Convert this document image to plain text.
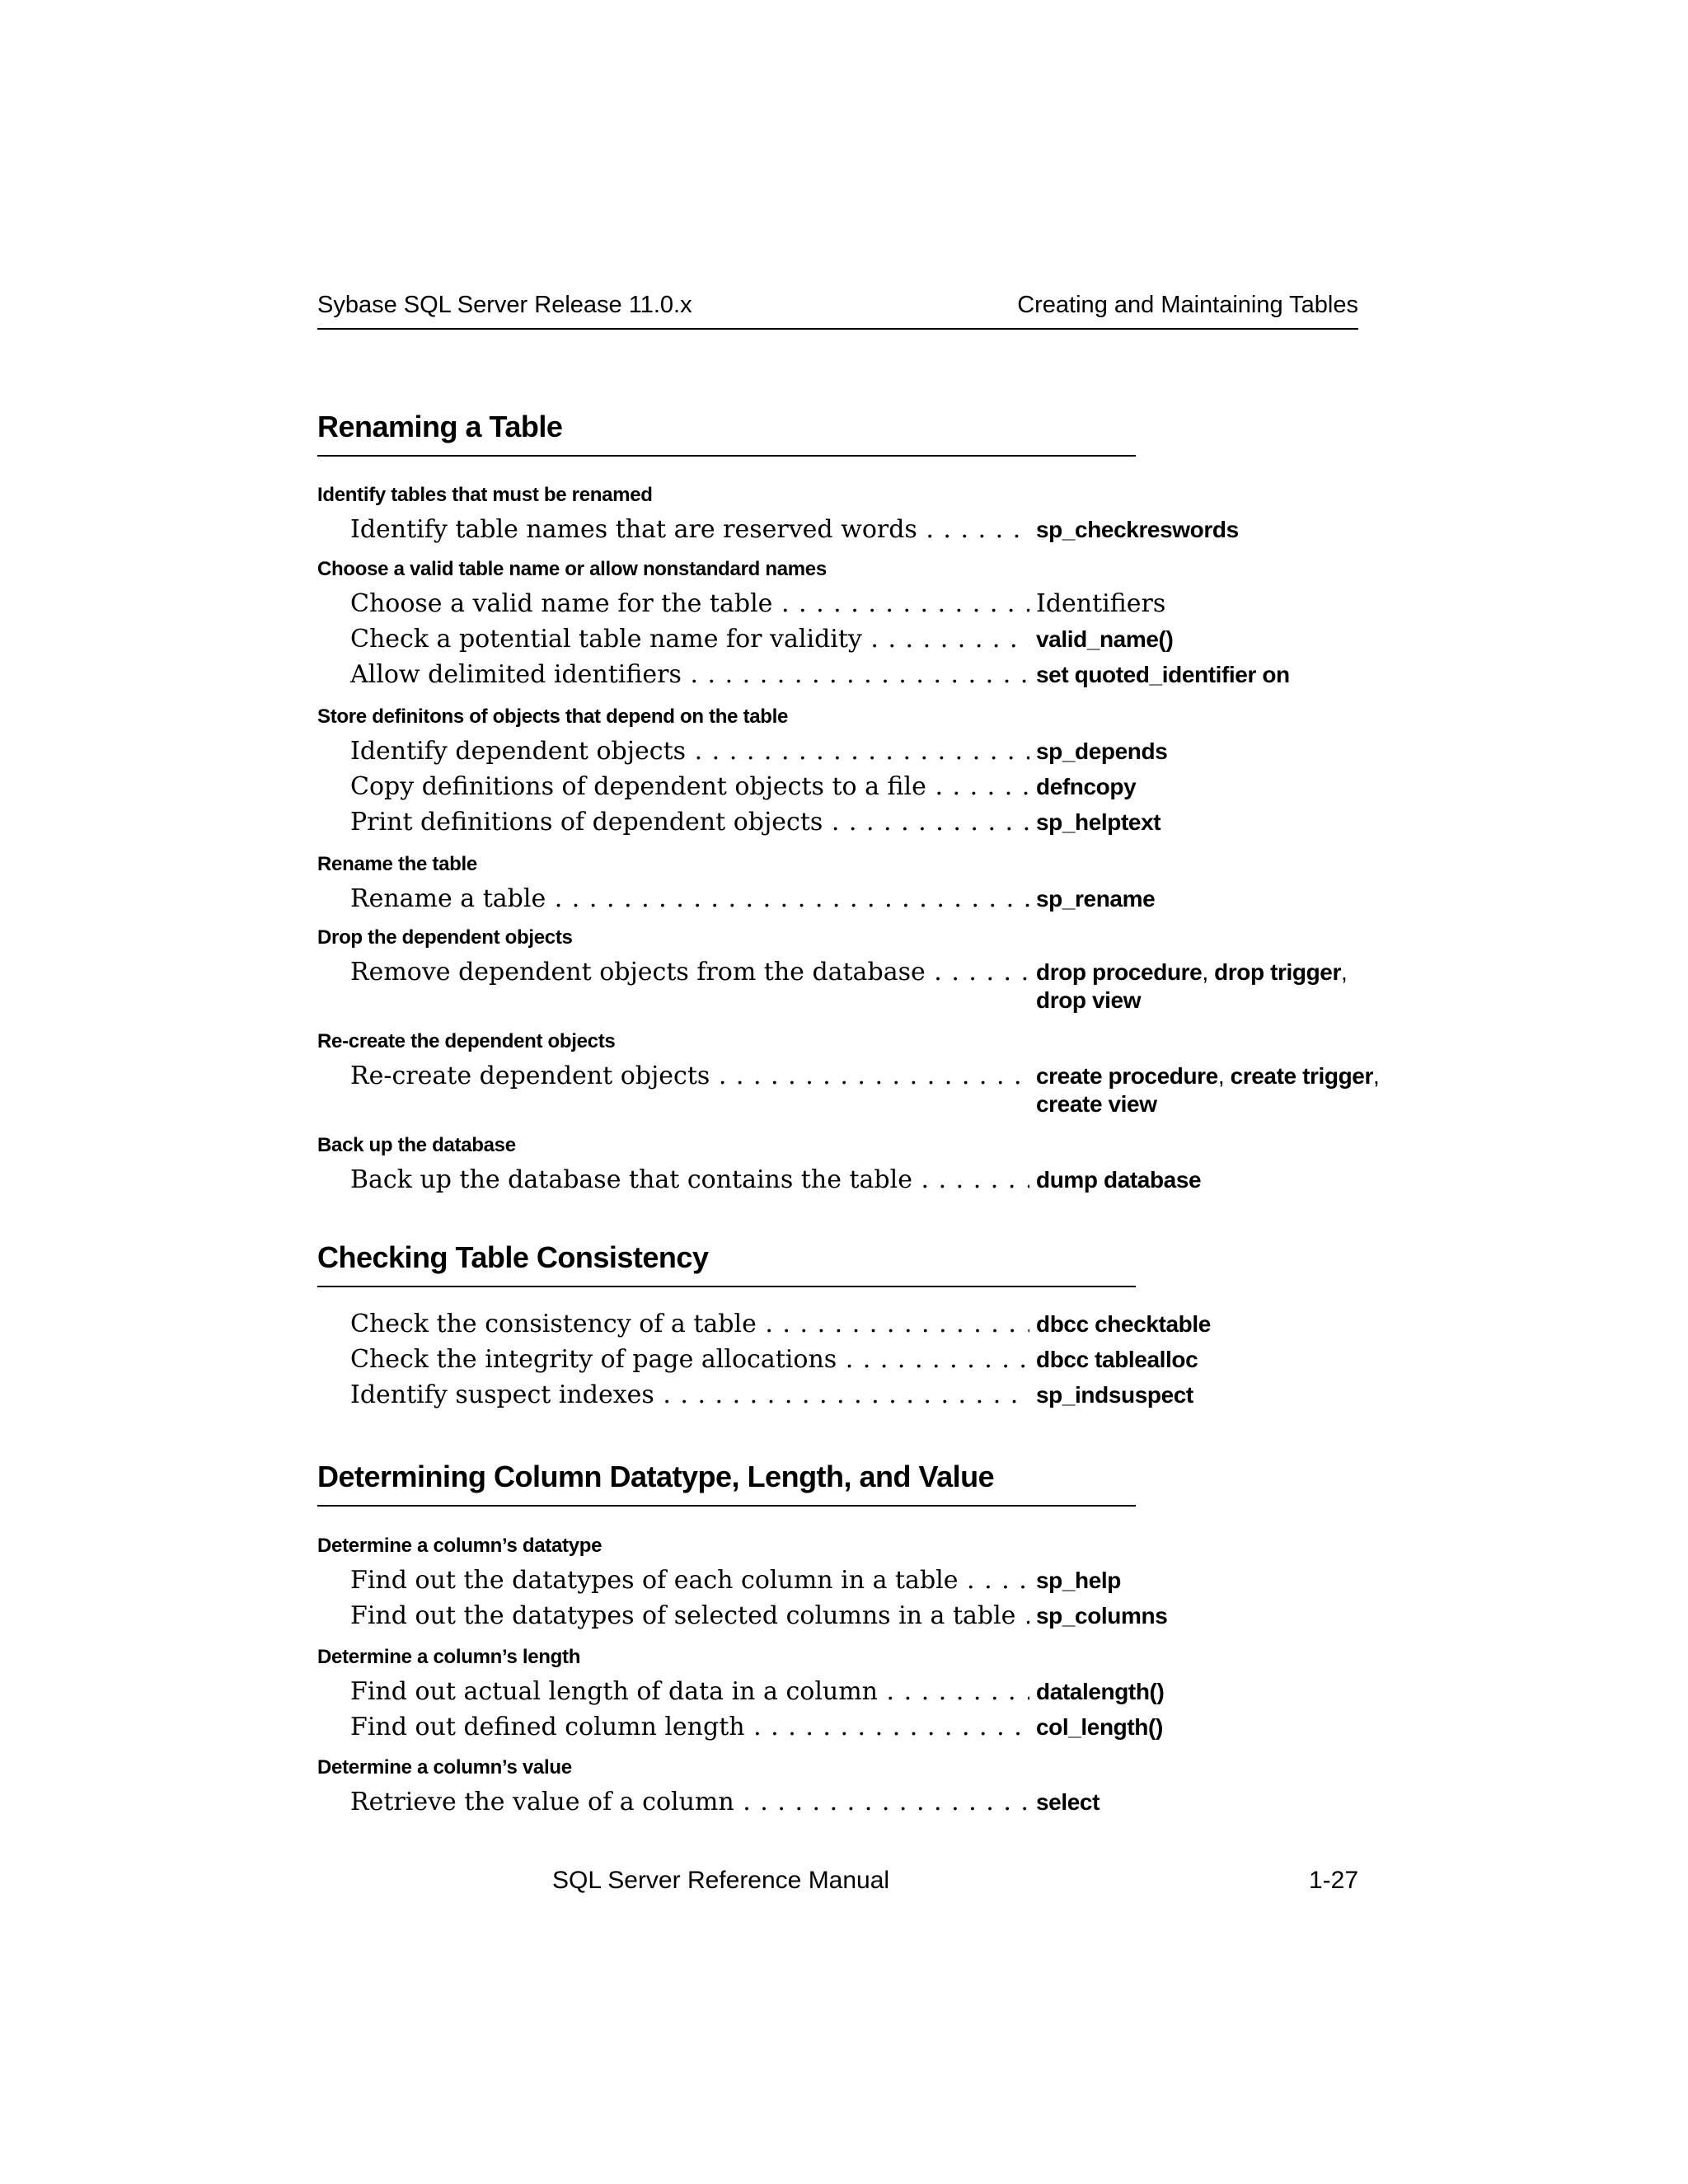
Sybase SQL Server Release 11.0.x	Creating and Maintaining Tables
Renaming a Table
Identify tables that must be renamed
Identify table names that are reserved words . . .	sp_checkreswords
Choose a valid table name or allow nonstandard names
Choose a valid name for the table . . .	Identifiers
Check a potential table name for validity . . .	valid_name()
Allow delimited identifiers . . .	set quoted_identifier on
Store definitons of objects that depend on the table
Identify dependent objects . . .	sp_depends
Copy definitions of dependent objects to a file . . .	defncopy
Print definitions of dependent objects . . .	sp_helptext
Rename the table
Rename a table . . .	sp_rename
Drop the dependent objects
Remove dependent objects from the database . . .	drop procedure, drop trigger,
drop view
Re-create the dependent objects
Re-create dependent objects . . .	create procedure, create trigger,
create view
Back up the database
Back up the database that contains the table . . .	dump database
Checking Table Consistency
Check the consistency of a table . . .	dbcc checktable
Check the integrity of page allocations . . .	dbcc tablealloc
Identify suspect indexes . . .	sp_indsuspect
Determining Column Datatype, Length, and Value
Determine a column’s datatype
Find out the datatypes of each column in a table . . .	sp_help
Find out the datatypes of selected columns in a table . . . sp_columns
Determine a column’s length
Find out actual length of data in a column . . .	datalength()
Find out defined column length . . .	col_length()
Determine a column’s value
Retrieve the value of a column . . .	select
SQL Server Reference Manual	1-27
